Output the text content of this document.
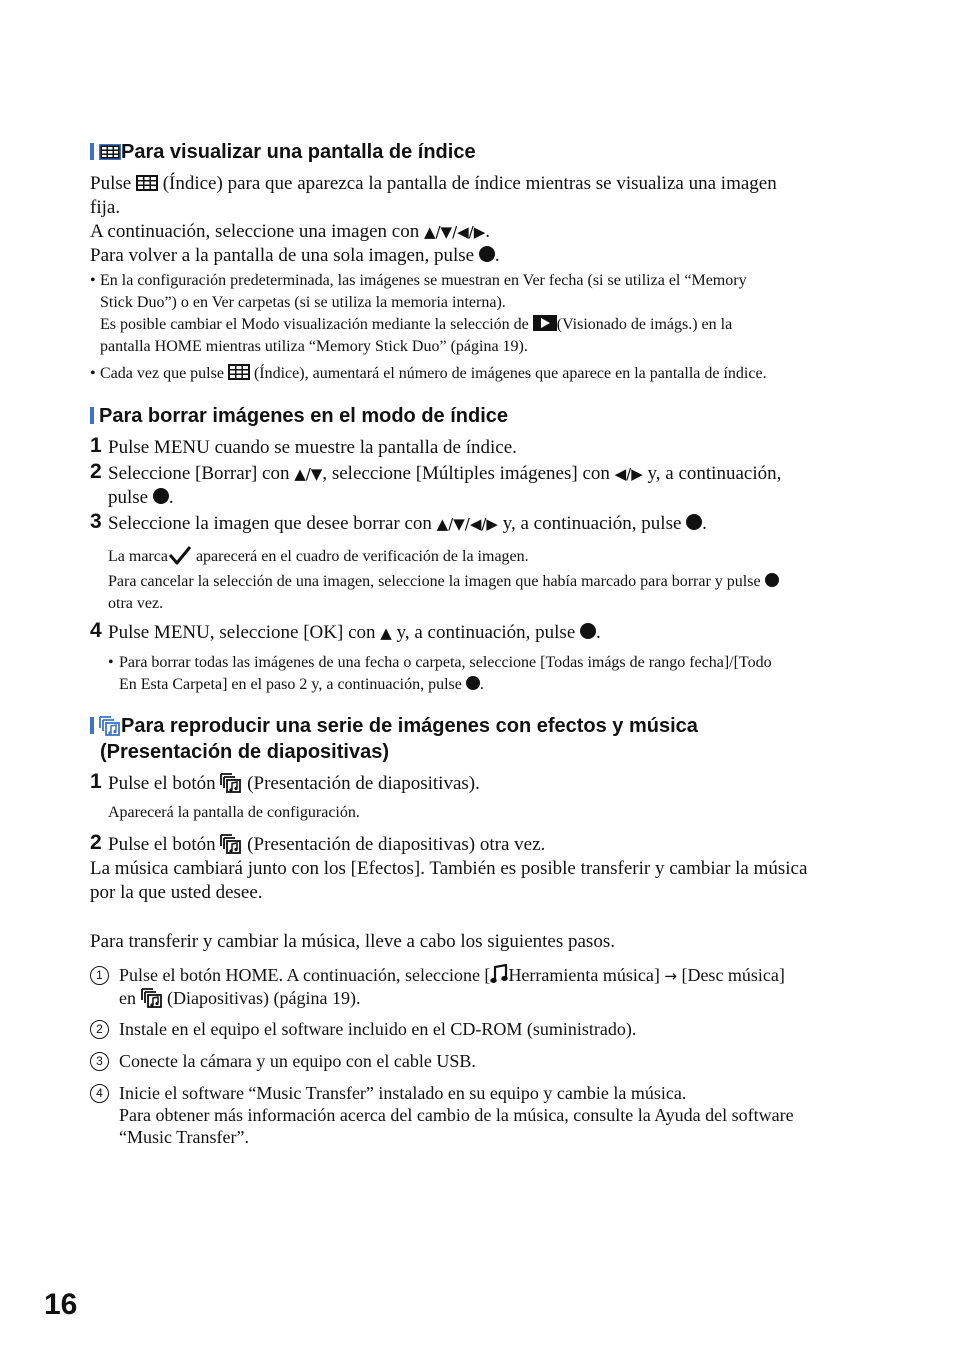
Para visualizar una pantalla de índice
Pulse (Índice) para que aparezca la pantalla de índice mientras se visualiza una imagen
fija.
A continuación, seleccione una imagen con ▲/▼/◀/▶.
Para volver a la pantalla de una sola imagen, pulse .
• En la configuración predeterminada, las imágenes se muestran en Ver fecha (si se utiliza el “Memory
Stick Duo”) o en Ver carpetas (si se utiliza la memoria interna).
Es posible cambiar el Modo visualización mediante la selección de (Visionado de imágs.) en la
pantalla HOME mientras utiliza “Memory Stick Duo” (página 19).
• Cada vez que pulse (Índice), aumentará el número de imágenes que aparece en la pantalla de índice.
Para borrar imágenes en el modo de índice
1 Pulse MENU cuando se muestre la pantalla de índice.
2 Seleccione [Borrar] con ▲/▼, seleccione [Múltiples imágenes] con ◀/▶ y, a continuación,
pulse .
3 Seleccione la imagen que desee borrar con ▲/▼/◀/▶ y, a continuación, pulse .
La marca aparecerá en el cuadro de verificación de la imagen.
Para cancelar la selección de una imagen, seleccione la imagen que había marcado para borrar y pulse
otra vez.
4 Pulse MENU, seleccione [OK] con ▲ y, a continuación, pulse .
• Para borrar todas las imágenes de una fecha o carpeta, seleccione [Todas imágs de rango fecha]/[Todo
En Esta Carpeta] en el paso 2 y, a continuación, pulse .
Para reproducir una serie de imágenes con efectos y música
(Presentación de diapositivas)
1 Pulse el botón (Presentación de diapositivas).
Aparecerá la pantalla de configuración.
2 Pulse el botón (Presentación de diapositivas) otra vez.
La música cambiará junto con los [Efectos]. También es posible transferir y cambiar la música
por la que usted desee.
Para transferir y cambiar la música, lleve a cabo los siguientes pasos.
1 Pulse el botón HOME. A continuación, seleccione [ Herramienta música] → [Desc música]
en (Diapositivas) (página 19).
2 Instale en el equipo el software incluido en el CD-ROM (suministrado).
3 Conecte la cámara y un equipo con el cable USB.
4 Inicie el software “Music Transfer” instalado en su equipo y cambie la música.
Para obtener más información acerca del cambio de la música, consulte la Ayuda del software
“Music Transfer”.
16
